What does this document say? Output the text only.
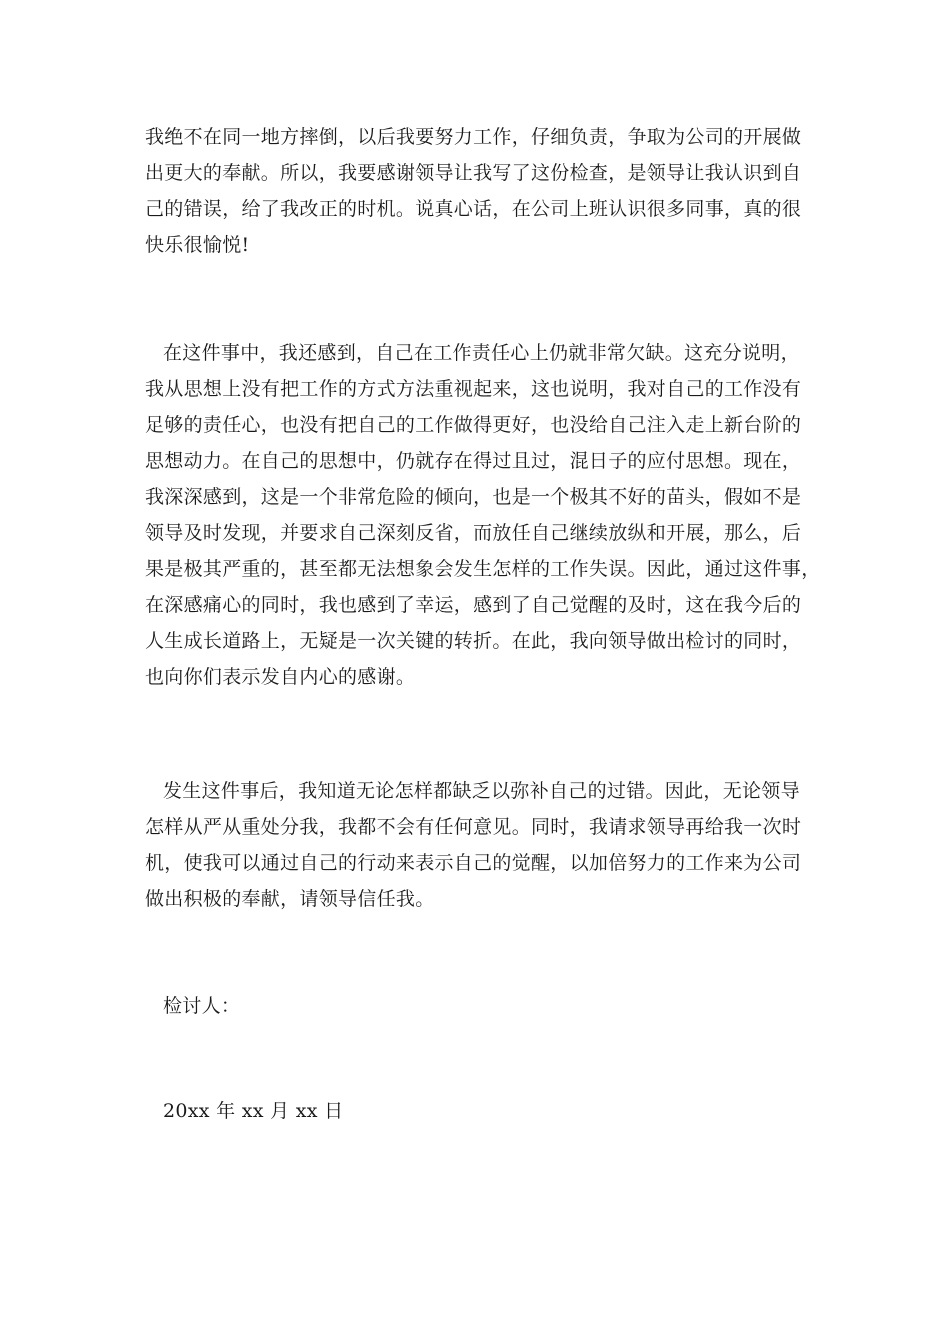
我绝不在同一地方摔倒，以后我要努力工作，仔细负责，争取为公司的开展做
出更大的奉献。所以，我要感谢领导让我写了这份检查，是领导让我认识到自
己的错误，给了我改正的时机。说真心话，在公司上班认识很多同事，真的很
快乐很愉悦!
在这件事中，我还感到，自己在工作责任心上仍就非常欠缺。这充分说明，
我从思想上没有把工作的方式方法重视起来，这也说明，我对自己的工作没有
足够的责任心，也没有把自己的工作做得更好，也没给自己注入走上新台阶的
思想动力。在自己的思想中，仍就存在得过且过，混日子的应付思想。现在，
我深深感到，这是一个非常危险的倾向，也是一个极其不好的苗头，假如不是
领导及时发现，并要求自己深刻反省，而放任自己继续放纵和开展，那么，后
果是极其严重的，甚至都无法想象会发生怎样的工作失误。因此，通过这件事，
在深感痛心的同时，我也感到了幸运，感到了自己觉醒的及时，这在我今后的
人生成长道路上，无疑是一次关键的转折。在此，我向领导做出检讨的同时，
也向你们表示发自内心的感谢。
发生这件事后，我知道无论怎样都缺乏以弥补自己的过错。因此，无论领导
怎样从严从重处分我，我都不会有任何意见。同时，我请求领导再给我一次时
机，使我可以通过自己的行动来表示自己的觉醒，以加倍努力的工作来为公司
做出积极的奉献，请领导信任我。
检讨人：
20xx 年 xx 月 xx 日
